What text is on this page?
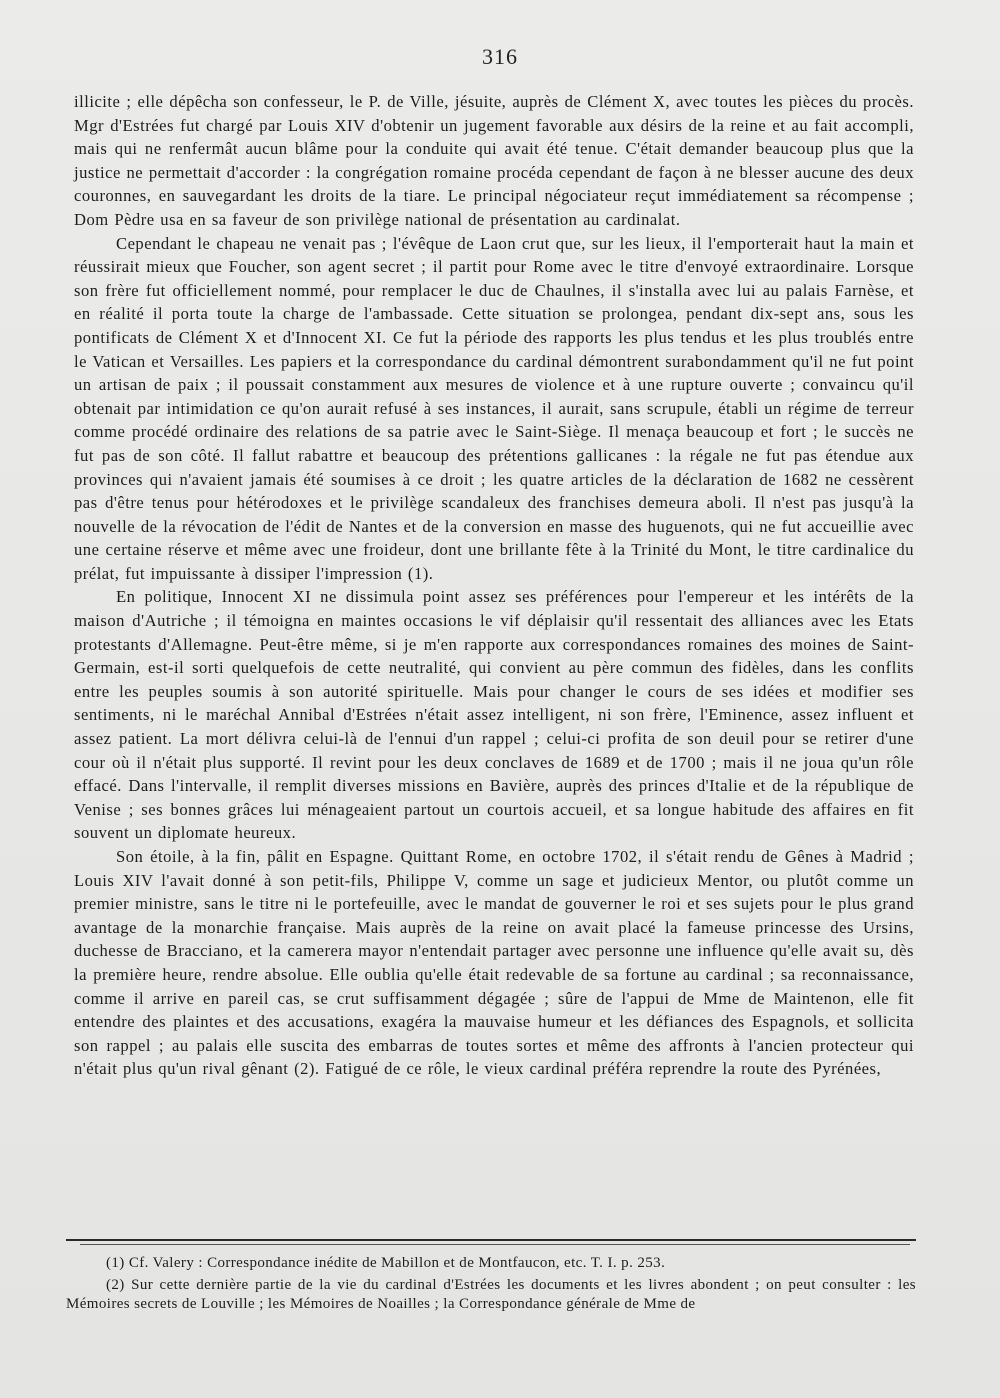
316

illicite ; elle dépêcha son confesseur, le P. de Ville, jésuite, auprès de Clément X, avec toutes les pièces du procès. Mgr d'Estrées fut chargé par Louis XIV d'obtenir un jugement favorable aux désirs de la reine et au fait accompli, mais qui ne renfermât aucun blâme pour la conduite qui avait été tenue. C'était demander beaucoup plus que la justice ne permettait d'accorder : la congrégation romaine procéda cependant de façon à ne blesser aucune des deux couronnes, en sauvegardant les droits de la tiare. Le principal négociateur reçut immédiatement sa récompense ; Dom Pèdre usa en sa faveur de son privilège national de présentation au cardinalat.

Cependant le chapeau ne venait pas ; l'évêque de Laon crut que, sur les lieux, il l'emporterait haut la main et réussirait mieux que Foucher, son agent secret ; il partit pour Rome avec le titre d'envoyé extraordinaire. Lorsque son frère fut officiellement nommé, pour remplacer le duc de Chaulnes, il s'installa avec lui au palais Farnèse, et en réalité il porta toute la charge de l'ambassade. Cette situation se prolongea, pendant dix-sept ans, sous les pontificats de Clément X et d'Innocent XI. Ce fut la période des rapports les plus tendus et les plus troublés entre le Vatican et Versailles. Les papiers et la correspondance du cardinal démontrent surabondamment qu'il ne fut point un artisan de paix ; il poussait constamment aux mesures de violence et à une rupture ouverte ; convaincu qu'il obtenait par intimidation ce qu'on aurait refusé à ses instances, il aurait, sans scrupule, établi un régime de terreur comme procédé ordinaire des relations de sa patrie avec le Saint-Siège. Il menaça beaucoup et fort ; le succès ne fut pas de son côté. Il fallut rabattre et beaucoup des prétentions gallicanes : la régale ne fut pas étendue aux provinces qui n'avaient jamais été soumises à ce droit ; les quatre articles de la déclaration de 1682 ne cessèrent pas d'être tenus pour hétérodoxes et le privilège scandaleux des franchises demeura aboli. Il n'est pas jusqu'à la nouvelle de la révocation de l'édit de Nantes et de la conversion en masse des huguenots, qui ne fut accueillie avec une certaine réserve et même avec une froideur, dont une brillante fête à la Trinité du Mont, le titre cardinalice du prélat, fut impuissante à dissiper l'impression (1).

En politique, Innocent XI ne dissimula point assez ses préférences pour l'empereur et les intérêts de la maison d'Autriche ; il témoigna en maintes occasions le vif déplaisir qu'il ressentait des alliances avec les Etats protestants d'Allemagne. Peut-être même, si je m'en rapporte aux correspondances romaines des moines de Saint-Germain, est-il sorti quelquefois de cette neutralité, qui convient au père commun des fidèles, dans les conflits entre les peuples soumis à son autorité spirituelle. Mais pour changer le cours de ses idées et modifier ses sentiments, ni le maréchal Annibal d'Estrées n'était assez intelligent, ni son frère, l'Eminence, assez influent et assez patient. La mort délivra celui-là de l'ennui d'un rappel ; celui-ci profita de son deuil pour se retirer d'une cour où il n'était plus supporté. Il revint pour les deux conclaves de 1689 et de 1700 ; mais il ne joua qu'un rôle effacé. Dans l'intervalle, il remplit diverses missions en Bavière, auprès des princes d'Italie et de la république de Venise ; ses bonnes grâces lui ménageaient partout un courtois accueil, et sa longue habitude des affaires en fit souvent un diplomate heureux.

Son étoile, à la fin, pâlit en Espagne. Quittant Rome, en octobre 1702, il s'était rendu de Gênes à Madrid ; Louis XIV l'avait donné à son petit-fils, Philippe V, comme un sage et judicieux Mentor, ou plutôt comme un premier ministre, sans le titre ni le portefeuille, avec le mandat de gouverner le roi et ses sujets pour le plus grand avantage de la monarchie française. Mais auprès de la reine on avait placé la fameuse princesse des Ursins, duchesse de Bracciano, et la camerera mayor n'entendait partager avec personne une influence qu'elle avait su, dès la première heure, rendre absolue. Elle oublia qu'elle était redevable de sa fortune au cardinal ; sa reconnaissance, comme il arrive en pareil cas, se crut suffisamment dégagée ; sûre de l'appui de Mme de Maintenon, elle fit entendre des plaintes et des accusations, exagéra la mauvaise humeur et les défiances des Espagnols, et sollicita son rappel ; au palais elle suscita des embarras de toutes sortes et même des affronts à l'ancien protecteur qui n'était plus qu'un rival gênant (2). Fatigué de ce rôle, le vieux cardinal préféra reprendre la route des Pyrénées,

(1) Cf. Valery : Correspondance inédite de Mabillon et de Montfaucon, etc. T. I. p. 253.

(2) Sur cette dernière partie de la vie du cardinal d'Estrées les documents et les livres abondent ; on peut consulter : les Mémoires secrets de Louville ; les Mémoires de Noailles ; la Correspondance générale de Mme de
